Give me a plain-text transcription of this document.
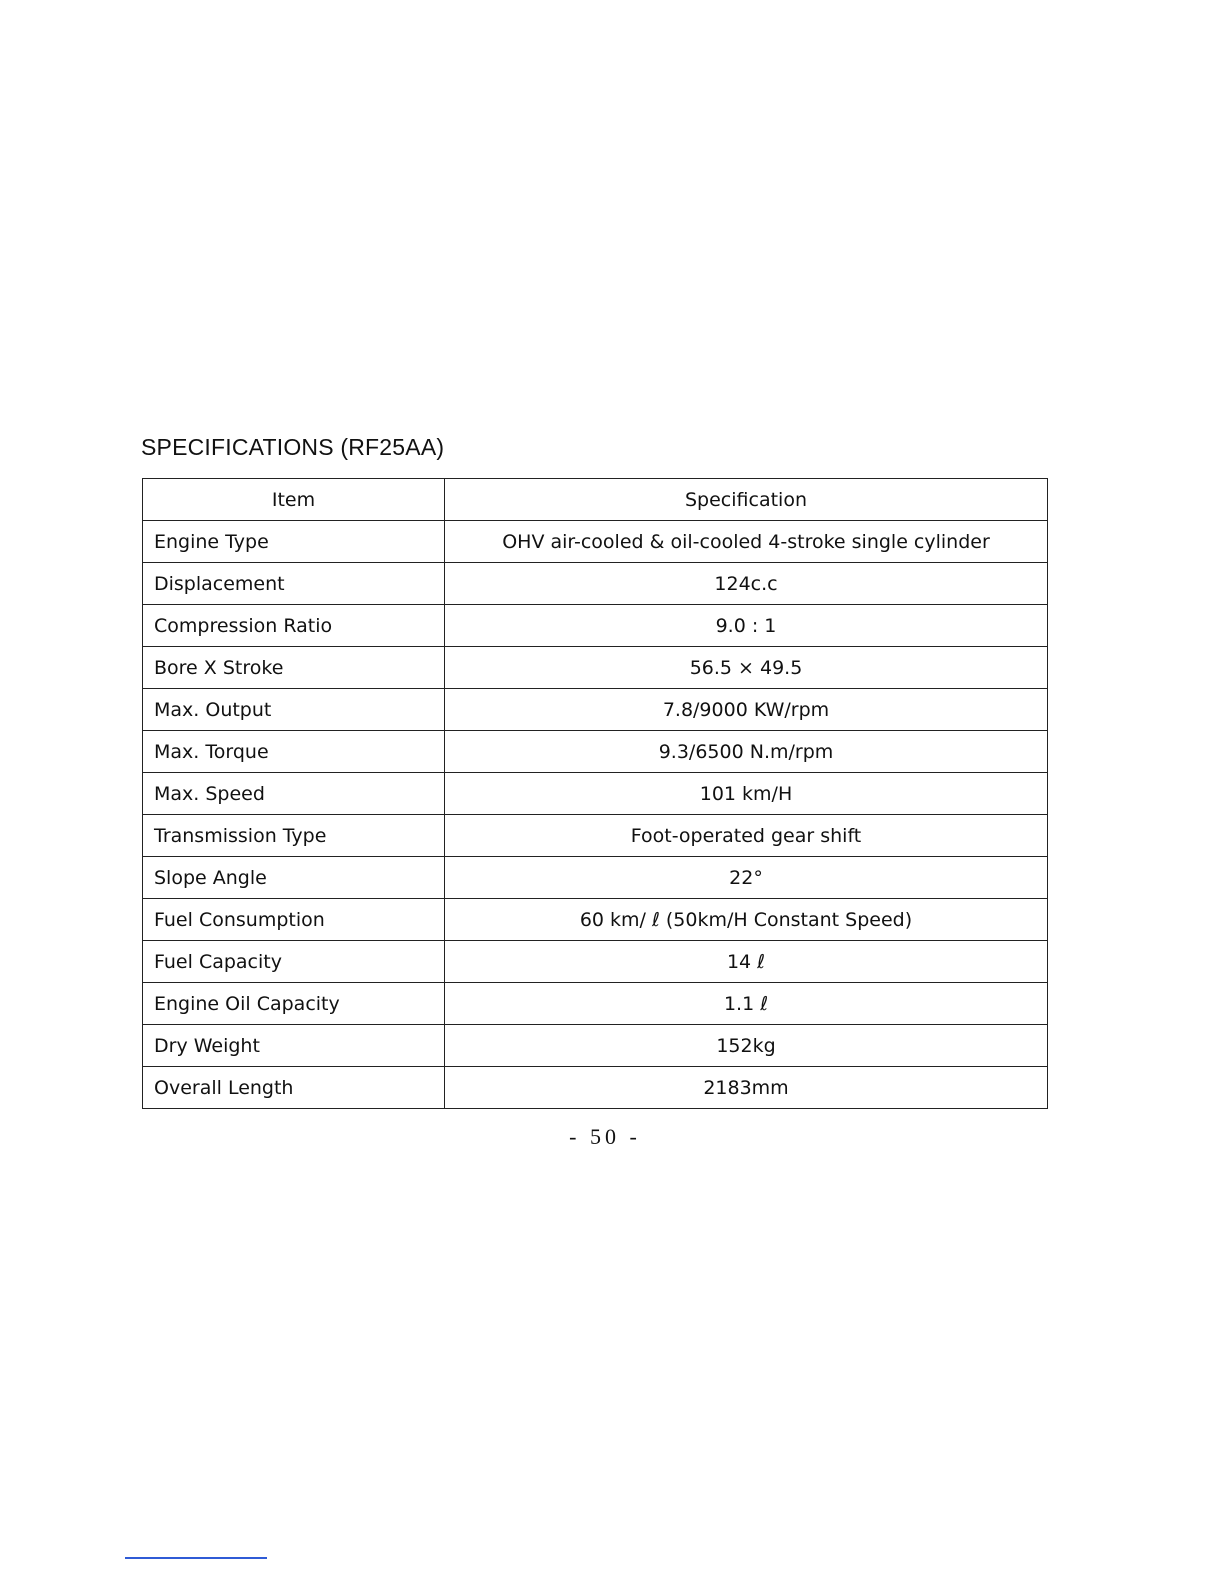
SPECIFICATIONS (RF25AA)
Item	Specification
Engine Type	OHV air-cooled & oil-cooled 4-stroke single cylinder
Displacement	124c.c
Compression Ratio	9.0 : 1
Bore X Stroke	56.5 × 49.5
Max. Output	7.8/9000 KW/rpm
Max. Torque	9.3/6500 N.m/rpm
Max. Speed	101 km/H
Transmission Type	Foot-operated gear shift
Slope Angle	22°
Fuel Consumption	60 km/ ℓ (50km/H Constant Speed)
Fuel Capacity	14 ℓ
Engine Oil Capacity	1.1 ℓ
Dry Weight	152kg
Overall Length	2183mm
- 50 -
